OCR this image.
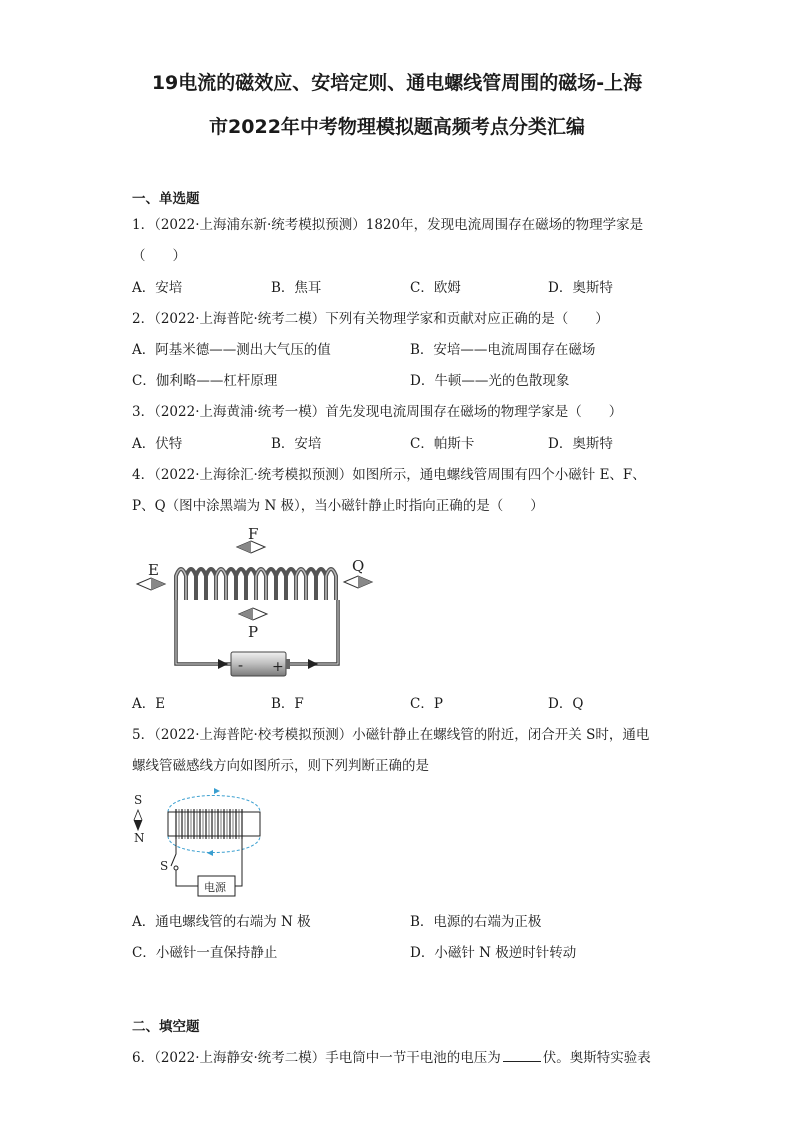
19电流的磁效应、安培定则、通电螺线管周围的磁场-上海
市2022年中考物理模拟题高频考点分类汇编
一、单选题
1．（2022·上海浦东新·统考模拟预测）1820年，发现电流周围存在磁场的物理学家是
（　　）
A．安培	B．焦耳	C．欧姆	D．奥斯特
2．（2022·上海普陀·统考二模）下列有关物理学家和贡献对应正确的是（　　）
A．阿基米德——测出大气压的值	B．安培——电流周围存在磁场
C．伽利略——杠杆原理	D．牛顿——光的色散现象
3．（2022·上海黄浦·统考一模）首先发现电流周围存在磁场的物理学家是（　　）
A．伏特	B．安培	C．帕斯卡	D．奥斯特
4．（2022·上海徐汇·统考模拟预测）如图所示，通电螺线管周围有四个小磁针 E、F、
P、Q（图中涂黑端为 N 极），当小磁针静止时指向正确的是（　　）
- +
E
F
P
Q
A．E	B．F	C．P	D．Q
5．（2022·上海普陀·校考模拟预测）小磁针静止在螺线管的附近，闭合开关 S时，通电
螺线管磁感线方向如图所示，则下列判断正确的是
S
N
S
电源
A．通电螺线管的右端为 N 极	B．电源的右端为正极
C．小磁针一直保持静止	D．小磁针 N 极逆时针转动
二、填空题
6．（2022·上海静安·统考二模）手电筒中一节干电池的电压为	伏。奥斯特实验表
